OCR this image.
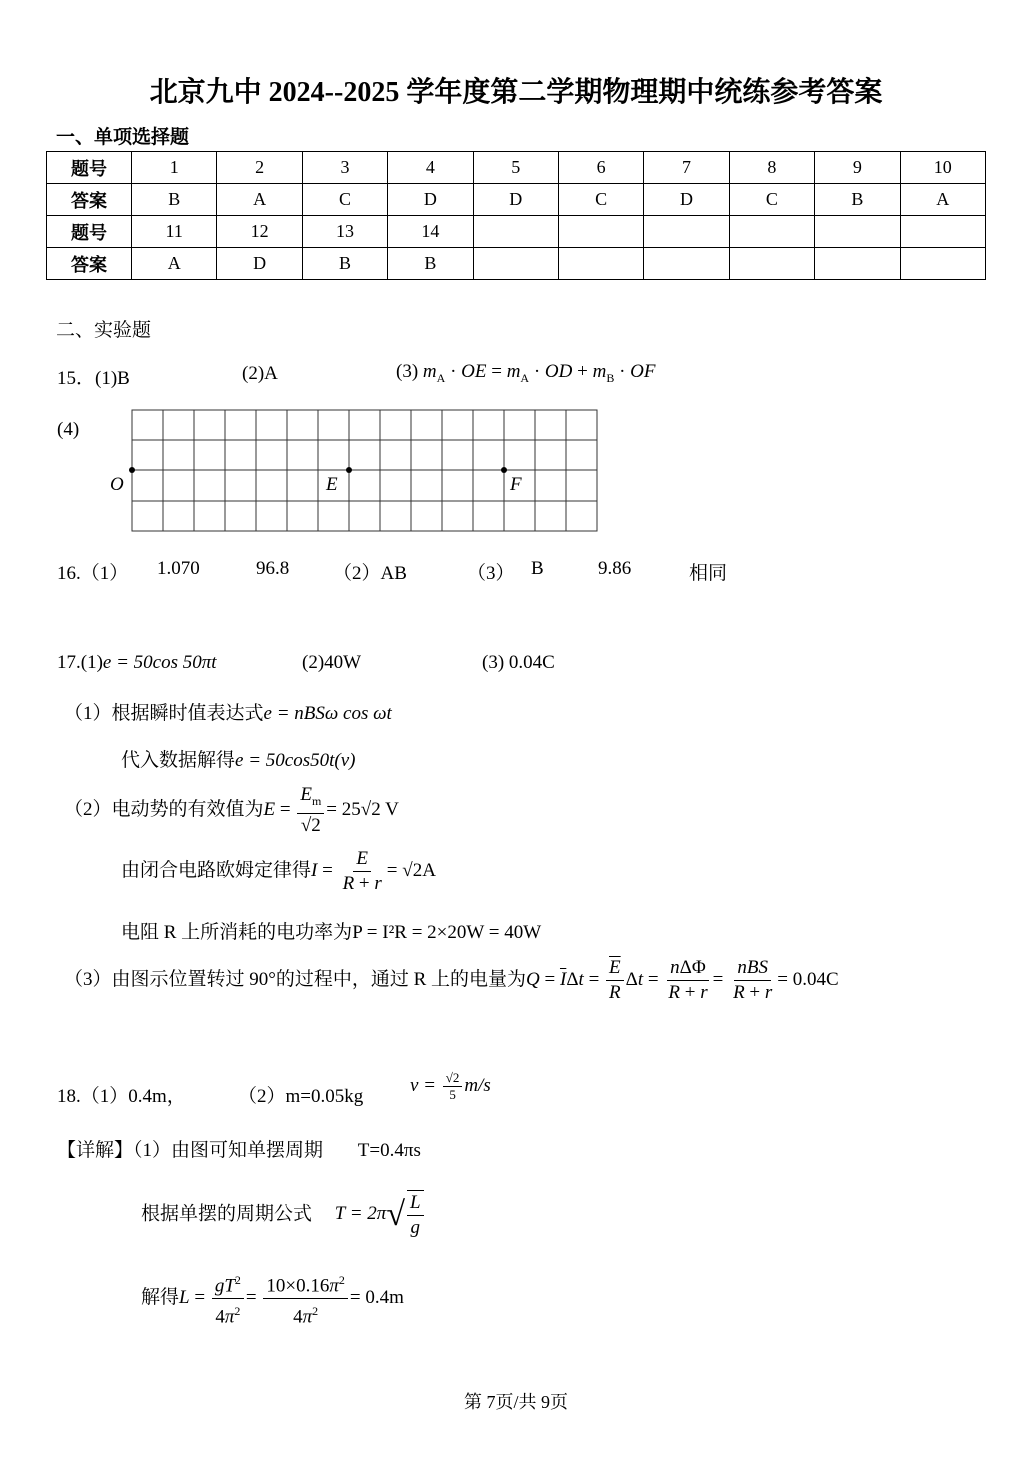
北京九中 2024--2025 学年度第二学期物理期中统练参考答案
一、单项选择题
题号	1	2	3	4	5	6	7	8	9	10
答案	B	A	C	D	D	C	D	C	B	A
题号	11	12	13	14						
答案	A	D	B	B						
二、实验题
15．(1)B	(2)A	(3) $m_A$ · OE = $m_A$ · OD + $m_B$ · OF
(4)
O	E	F
16.（1） 1.070	96.8 （2）AB	（3） B	9.86	相同
17.(1)e = 50cos 50πt	(2)40W	(3) 0.04C
（1）根据瞬时值表达式e = nBSω cos ωt
代入数据解得e = 50cos50t(v)
（2）电动势的有效值为$E = \frac{E_m}{√2} = 25√2$ V
由闭合电路欧姆定律得$I = \frac{E}{R + r} = √2A$
电阻 R 上所消耗的电功率为P = I²R = 2×20W = 40W
（3）由图示位置转过 90°的过程中，通过 R 上的电量为$Q = \overline{I}\Delta t = \frac{\overline{E}}{R}$ $\Delta t = \frac{\text{nΔΦ}}{R + r} = \frac{\text{nBS}}{R + r} = 0.04C$
18.（1）0.4m，	（2）m=0.05kg
$v = \frac{√2}{5} m/s$
【详解】（1）由图可知单摆周期 T=0.4πs
根据单摆的周期公式 $T = 2\pi√ \frac{L}{g}$
解得$L = \frac{gT^2}{4\pi^2} = \frac{10\times 0.16\pi^2}{4\pi^2} = 0.4m$
第 7页/共 9页
